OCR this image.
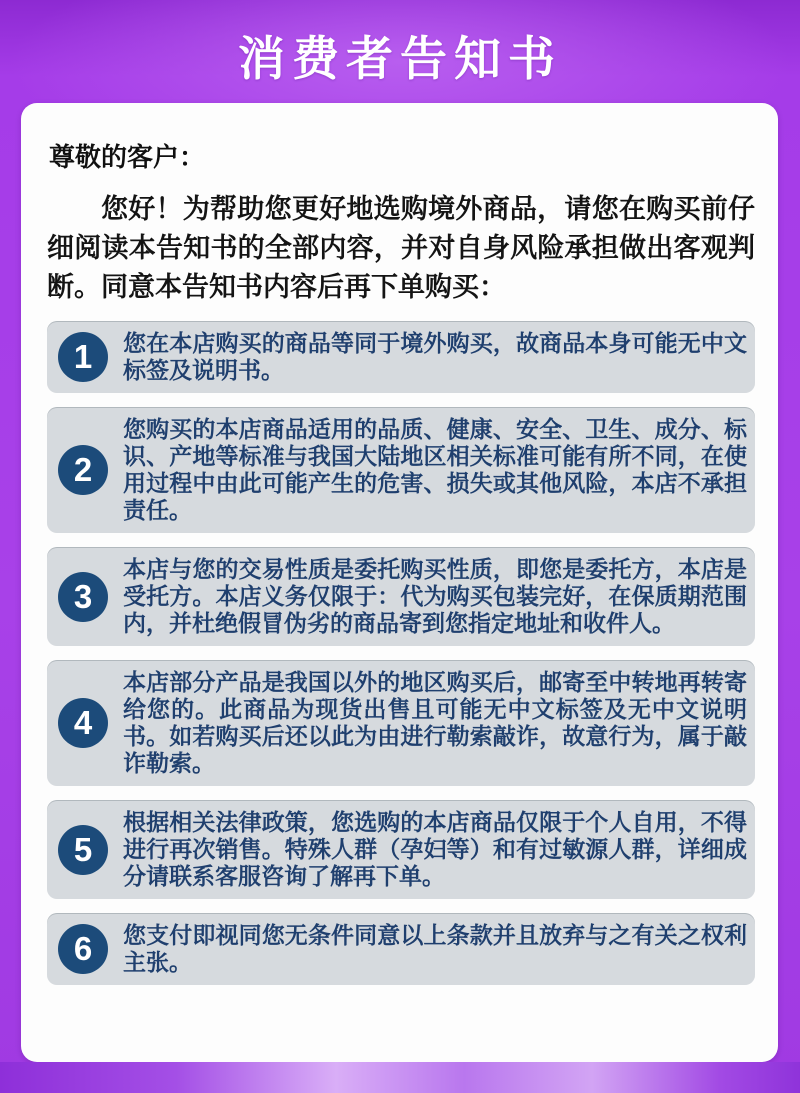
消费者告知书

尊敬的客户：

您好！为帮助您更好地选购境外商品，请您在购买前仔细阅读本告知书的全部内容，并对自身风险承担做出客观判断。同意本告知书内容后再下单购买：

1	您在本店购买的商品等同于境外购买，故商品本身可能无中文标签及说明书。
2
您购买的本店商品适用的品质、健康、安全、卫生、成分、标识、产地等标准与我国大陆地区相关标准可能有所不同，在使用过程中由此可能产生的危害、损失或其他风险，本店不承担责任。
3
本店与您的交易性质是委托购买性质，即您是委托方，本店是受托方。本店义务仅限于：代为购买包装完好，在保质期范围内，并杜绝假冒伪劣的商品寄到您指定地址和收件人。
4
本店部分产品是我国以外的地区购买后，邮寄至中转地再转寄给您的。此商品为现货出售且可能无中文标签及无中文说明书。如若购买后还以此为由进行勒索敲诈，故意行为，属于敲诈勒索。
5
根据相关法律政策，您选购的本店商品仅限于个人自用，不得进行再次销售。特殊人群（孕妇等）和有过敏源人群，详细成分请联系客服咨询了解再下单。
6	您支付即视同您无条件同意以上条款并且放弃与之有关之权利主张。
